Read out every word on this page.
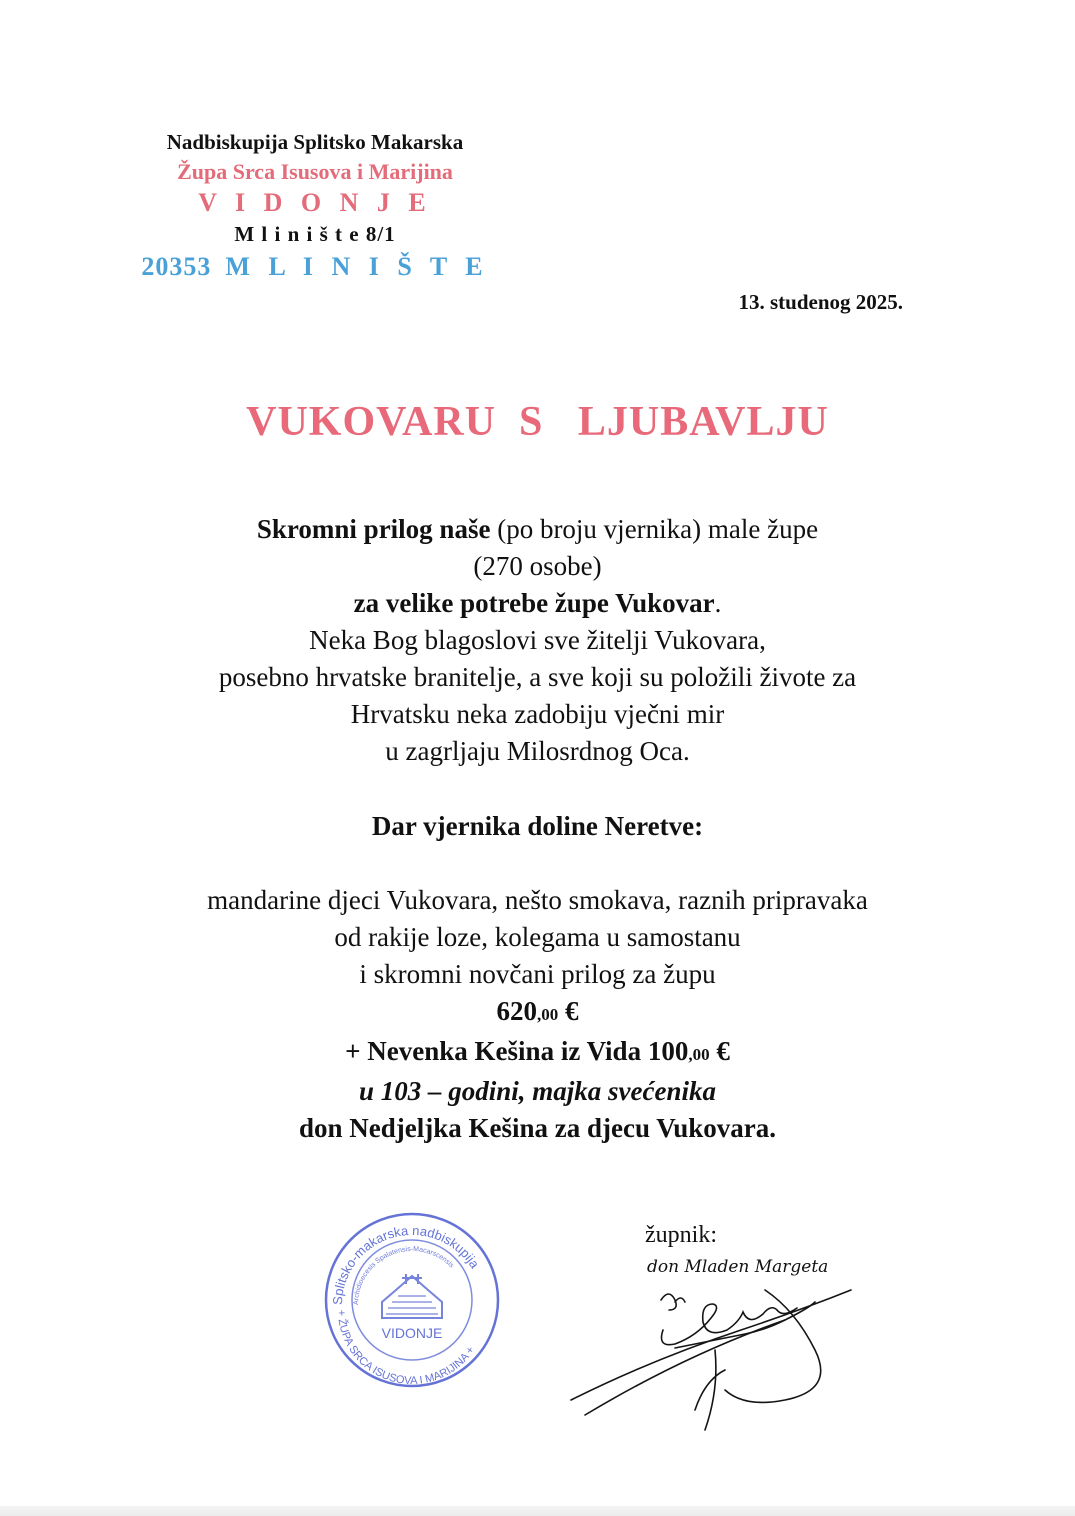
Nadbiskupija Splitsko Makarska
Župa Srca Isusova i Marijina
V I D O N J E
M l i n i š t e 8/1
20353 M L I N I Š T E
13. studenog 2025.
VUKOVARU  S   LJUBAVLJU
Skromni prilog naše (po broju vjernika) male župe
(270 osobe)
za velike potrebe župe Vukovar.
Neka Bog blagoslovi sve žitelji Vukovara,
posebno hrvatske branitelje, a sve koji su položili živote za
Hrvatsku neka zadobiju vječni mir
u zagrljaju Milosrdnog Oca.
Dar vjernika doline Neretve:
mandarine djeci Vukovara, nešto smokava, raznih pripravaka
od rakije loze, kolegama u samostanu
i skromni novčani prilog za župu
620,00 €
+ Nevenka Kešina iz Vida 100,00 €
u 103 – godini, majka svećenika
don Nedjeljka Kešina za djecu Vukovara.
Splitsko-makarska nadbiskupija
Archidioecesis Spalatensis-Macarscensis
+ ŽUPA SRCA ISUSOVA I MARIJINA +
VIDONJE
župnik:
don Mladen Margeta
